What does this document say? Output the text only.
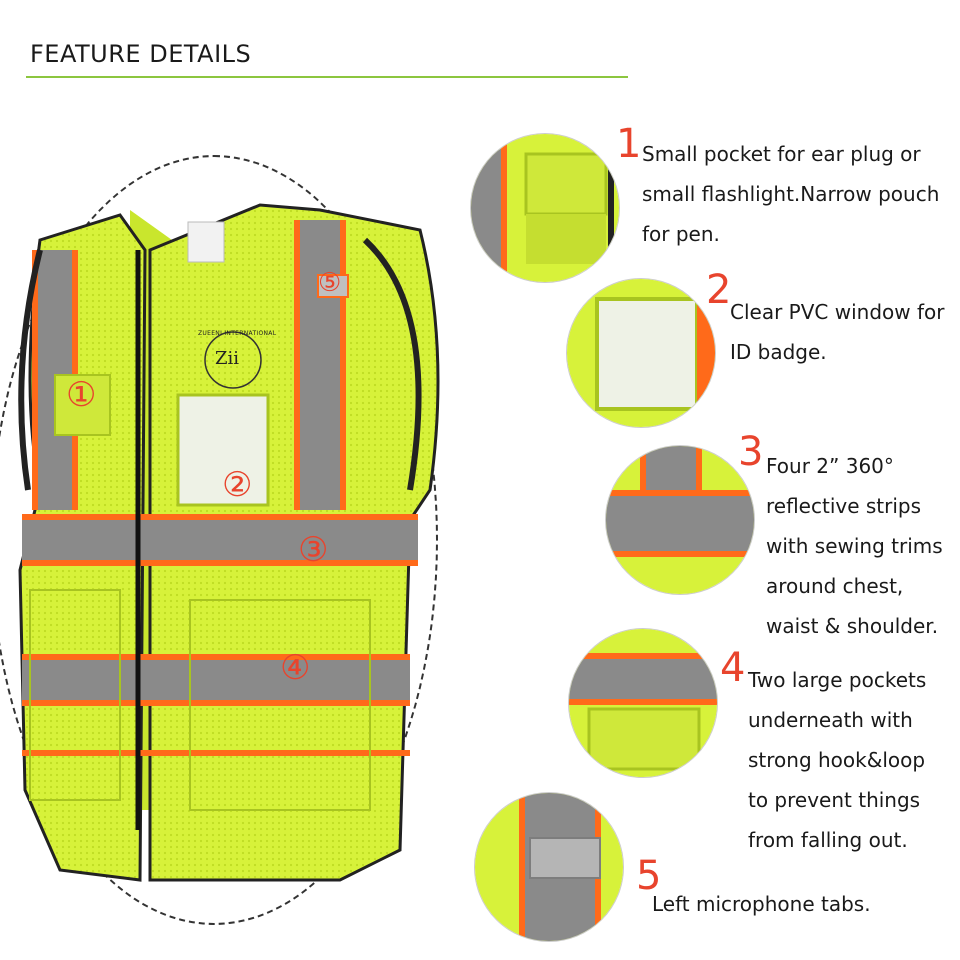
FEATURE DETAILS
Zii
ZUEENI INTERNATIONAL
①
②
③
④
⑤
1 Small pocket for ear plug or
small flashlight.Narrow pouch
for pen.
2
Clear PVC window for
ID badge.
3 Four 2” 360°
reflective strips
with sewing trims
around chest,
waist & shoulder.
4 Two large pockets
underneath with
strong hook&loop
to prevent things
from falling out.
5
Left microphone tabs.
